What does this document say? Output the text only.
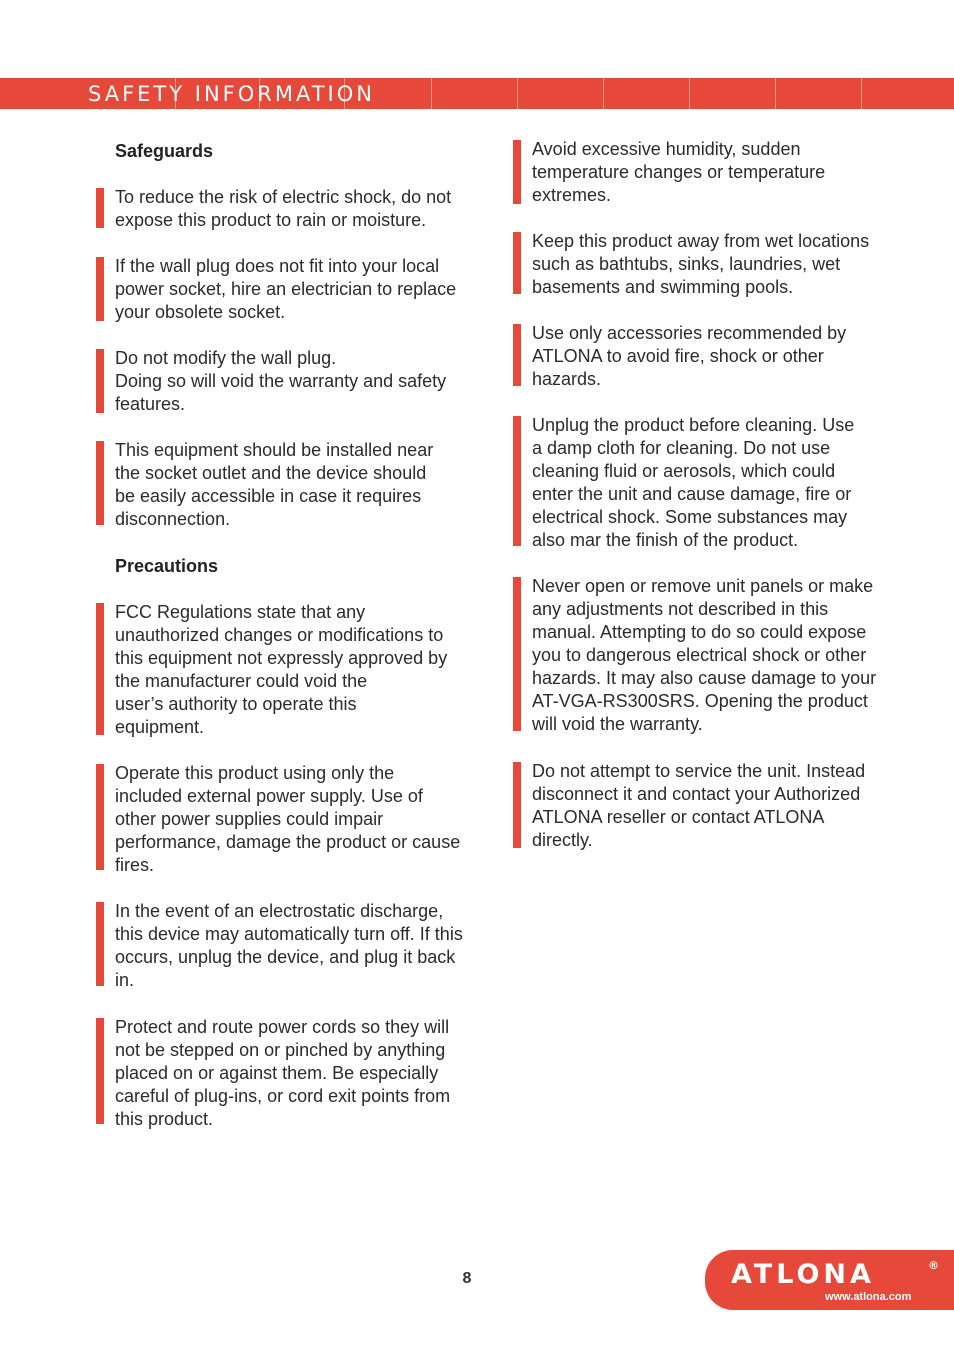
SAFETY INFORMATION
Safeguards
To reduce the risk of electric shock, do not
expose this product to rain or moisture.
If the wall plug does not fit into your local
power socket, hire an electrician to replace
your obsolete socket.
Do not modify the wall plug.
Doing so will void the warranty and safety
features.
This equipment should be installed near
the socket outlet and the device should
be easily accessible in case it requires
disconnection.
Precautions
FCC Regulations state that any
unauthorized changes or modifications to
this equipment not expressly approved by
the manufacturer could void the
user’s authority to operate this
equipment.
Operate this product using only the
included external power supply. Use of
other power supplies could impair
performance, damage the product or cause
fires.
In the event of an electrostatic discharge,
this device may automatically turn off. If this
occurs, unplug the device, and plug it back
in.
Protect and route power cords so they will
not be stepped on or pinched by anything
placed on or against them. Be especially
careful of plug-ins, or cord exit points from
this product.
Avoid excessive humidity, sudden
temperature changes or temperature
extremes.
Keep this product away from wet locations
such as bathtubs, sinks, laundries, wet
basements and swimming pools.
Use only accessories recommended by
ATLONA to avoid fire, shock or other
hazards.
Unplug the product before cleaning. Use
a damp cloth for cleaning. Do not use
cleaning fluid or aerosols, which could
enter the unit and cause damage, fire or
electrical shock. Some substances may
also mar the finish of the product.
Never open or remove unit panels or make
any adjustments not described in this
manual. Attempting to do so could expose
you to dangerous electrical shock or other
hazards. It may also cause damage to your
AT-VGA-RS300SRS. Opening the product
will void the warranty.
Do not attempt to service the unit. Instead
disconnect it and contact your Authorized
ATLONA reseller or contact ATLONA
directly.
8	ATLONA	®
www.atlona.com
